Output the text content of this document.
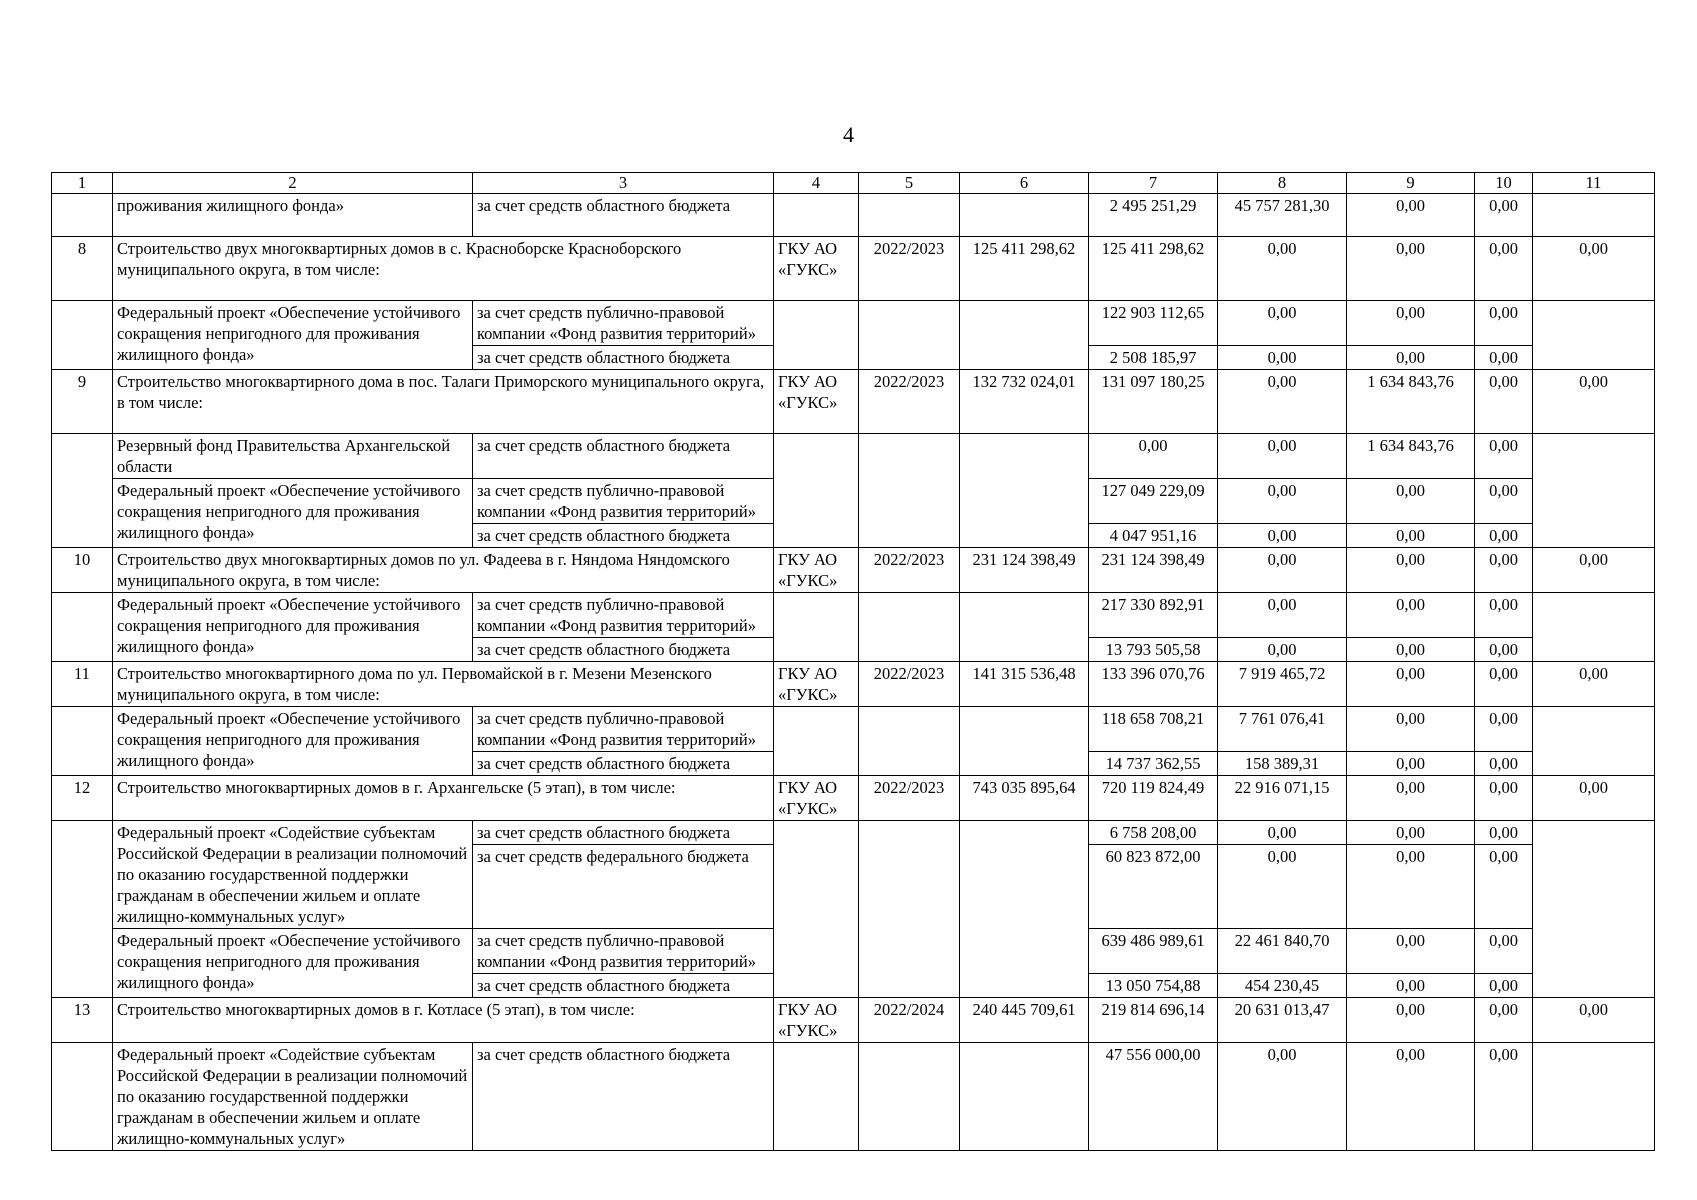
4
1	2	3	4	5	6	7	8	9	10	11
	проживания жилищного фонда»	за счет средств областного бюджета				2 495 251,29	45 757 281,30	0,00	0,00	
8	Строительство двух многоквартирных домов в с. Красноборске Красноборского муниципального округа, в том числе:		ГКУ АО «ГУКС»	2022/2023	125 411 298,62	125 411 298,62	0,00	0,00	0,00	0,00
	Федеральный проект «Обеспечение устойчивого сокращения непригодного для проживания жилищного фонда»	за счет средств публично-правовой компании «Фонд развития территорий»				122 903 112,65	0,00	0,00	0,00	
		за счет средств областного бюджета				2 508 185,97	0,00	0,00	0,00	
9	Строительство многоквартирного дома в пос. Талаги Приморского муниципального округа, в том числе:		ГКУ АО «ГУКС»	2022/2023	132 732 024,01	131 097 180,25	0,00	1 634 843,76	0,00	0,00
	Резервный фонд Правительства Архангельской области	за счет средств областного бюджета				0,00	0,00	1 634 843,76	0,00	
	Федеральный проект «Обеспечение устойчивого сокращения непригодного для проживания жилищного фонда»	за счет средств публично-правовой компании «Фонд развития территорий»				127 049 229,09	0,00	0,00	0,00	
		за счет средств областного бюджета				4 047 951,16	0,00	0,00	0,00	
10	Строительство двух многоквартирных домов по ул. Фадеева в г. Няндома Няндомского муниципального округа, в том числе:		ГКУ АО «ГУКС»	2022/2023	231 124 398,49	231 124 398,49	0,00	0,00	0,00	0,00
	Федеральный проект «Обеспечение устойчивого сокращения непригодного для проживания жилищного фонда»	за счет средств публично-правовой компании «Фонд развития территорий»				217 330 892,91	0,00	0,00	0,00	
		за счет средств областного бюджета				13 793 505,58	0,00	0,00	0,00	
11	Строительство многоквартирного дома по ул. Первомайской в г. Мезени Мезенского муниципального округа, в том числе:		ГКУ АО «ГУКС»	2022/2023	141 315 536,48	133 396 070,76	7 919 465,72	0,00	0,00	0,00
	Федеральный проект «Обеспечение устойчивого сокращения непригодного для проживания жилищного фонда»	за счет средств публично-правовой компании «Фонд развития территорий»				118 658 708,21	7 761 076,41	0,00	0,00	
		за счет средств областного бюджета				14 737 362,55	158 389,31	0,00	0,00	
12	Строительство многоквартирных домов в г. Архангельске (5 этап), в том числе:		ГКУ АО «ГУКС»	2022/2023	743 035 895,64	720 119 824,49	22 916 071,15	0,00	0,00	0,00
	Федеральный проект «Содействие субъектам Российской Федерации в реализации полномочий по оказанию государственной поддержки гражданам в обеспечении жильем и оплате жилищно-коммунальных услуг»	за счет средств областного бюджета				6 758 208,00	0,00	0,00	0,00	
		за счет средств федерального бюджета				60 823 872,00	0,00	0,00	0,00	
	Федеральный проект «Обеспечение устойчивого сокращения непригодного для проживания жилищного фонда»	за счет средств публично-правовой компании «Фонд развития территорий»				639 486 989,61	22 461 840,70	0,00	0,00	
		за счет средств областного бюджета				13 050 754,88	454 230,45	0,00	0,00	
13	Строительство многоквартирных домов в г. Котласе (5 этап), в том числе:		ГКУ АО «ГУКС»	2022/2024	240 445 709,61	219 814 696,14	20 631 013,47	0,00	0,00	0,00
	Федеральный проект «Содействие субъектам Российской Федерации в реализации полномочий по оказанию государственной поддержки гражданам в обеспечении жильем и оплате жилищно-коммунальных услуг»	за счет средств областного бюджета				47 556 000,00	0,00	0,00	0,00	
